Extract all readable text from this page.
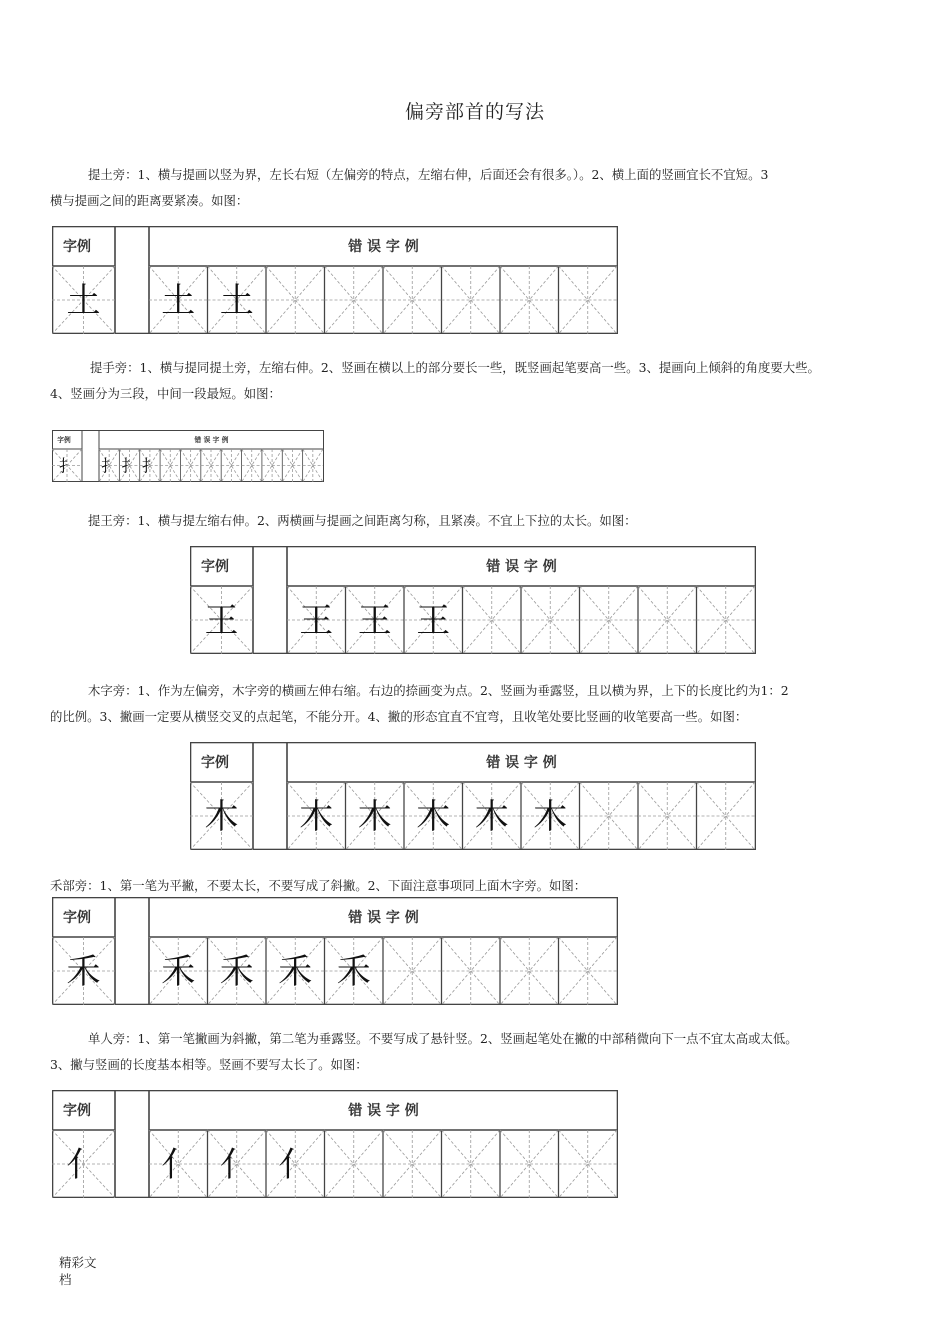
偏旁部首的写法
提土旁：1、横与提画以竖为界，左长右短（左偏旁的特点，左缩右伸，后面还会有很多。）。2、横上面的竖画宜长不宜短。3
横与提画之间的距离要紧凑。如图：
字例	错 误 字 例
土 土 土
提手旁：1、横与提同提土旁，左缩右伸。2、竖画在横以上的部分要长一些，既竖画起笔要高一些。3、提画向上倾斜的角度要大些。
4、竖画分为三段，中间一段最短。如图：
字例	错 误 字 例
扌 扌 扌 扌
提王旁：1、横与提左缩右伸。2、两横画与提画之间距离匀称，且紧凑。不宜上下拉的太长。如图：
字例	错 误 字 例
王 王 王 王
木字旁：1、作为左偏旁，木字旁的横画左伸右缩。右边的捺画变为点。2、竖画为垂露竖，且以横为界，上下的长度比约为1：2
的比例。3、撇画一定要从横竖交叉的点起笔，不能分开。4、撇的形态宜直不宜弯，且收笔处要比竖画的收笔要高一些。如图：
字例	错 误 字 例
木 木 木 木 木 木
禾部旁：1、第一笔为平撇，不要太长，不要写成了斜撇。2、下面注意事项同上面木字旁。如图：
字例	错 误 字 例
禾 禾 禾 禾 禾
单人旁：1、第一笔撇画为斜撇，第二笔为垂露竖。不要写成了悬针竖。2、竖画起笔处在撇的中部稍微向下一点不宜太高或太低。
3、撇与竖画的长度基本相等。竖画不要写太长了。如图：
字例	错 误 字 例
亻 亻 亻 亻
精彩文
档
